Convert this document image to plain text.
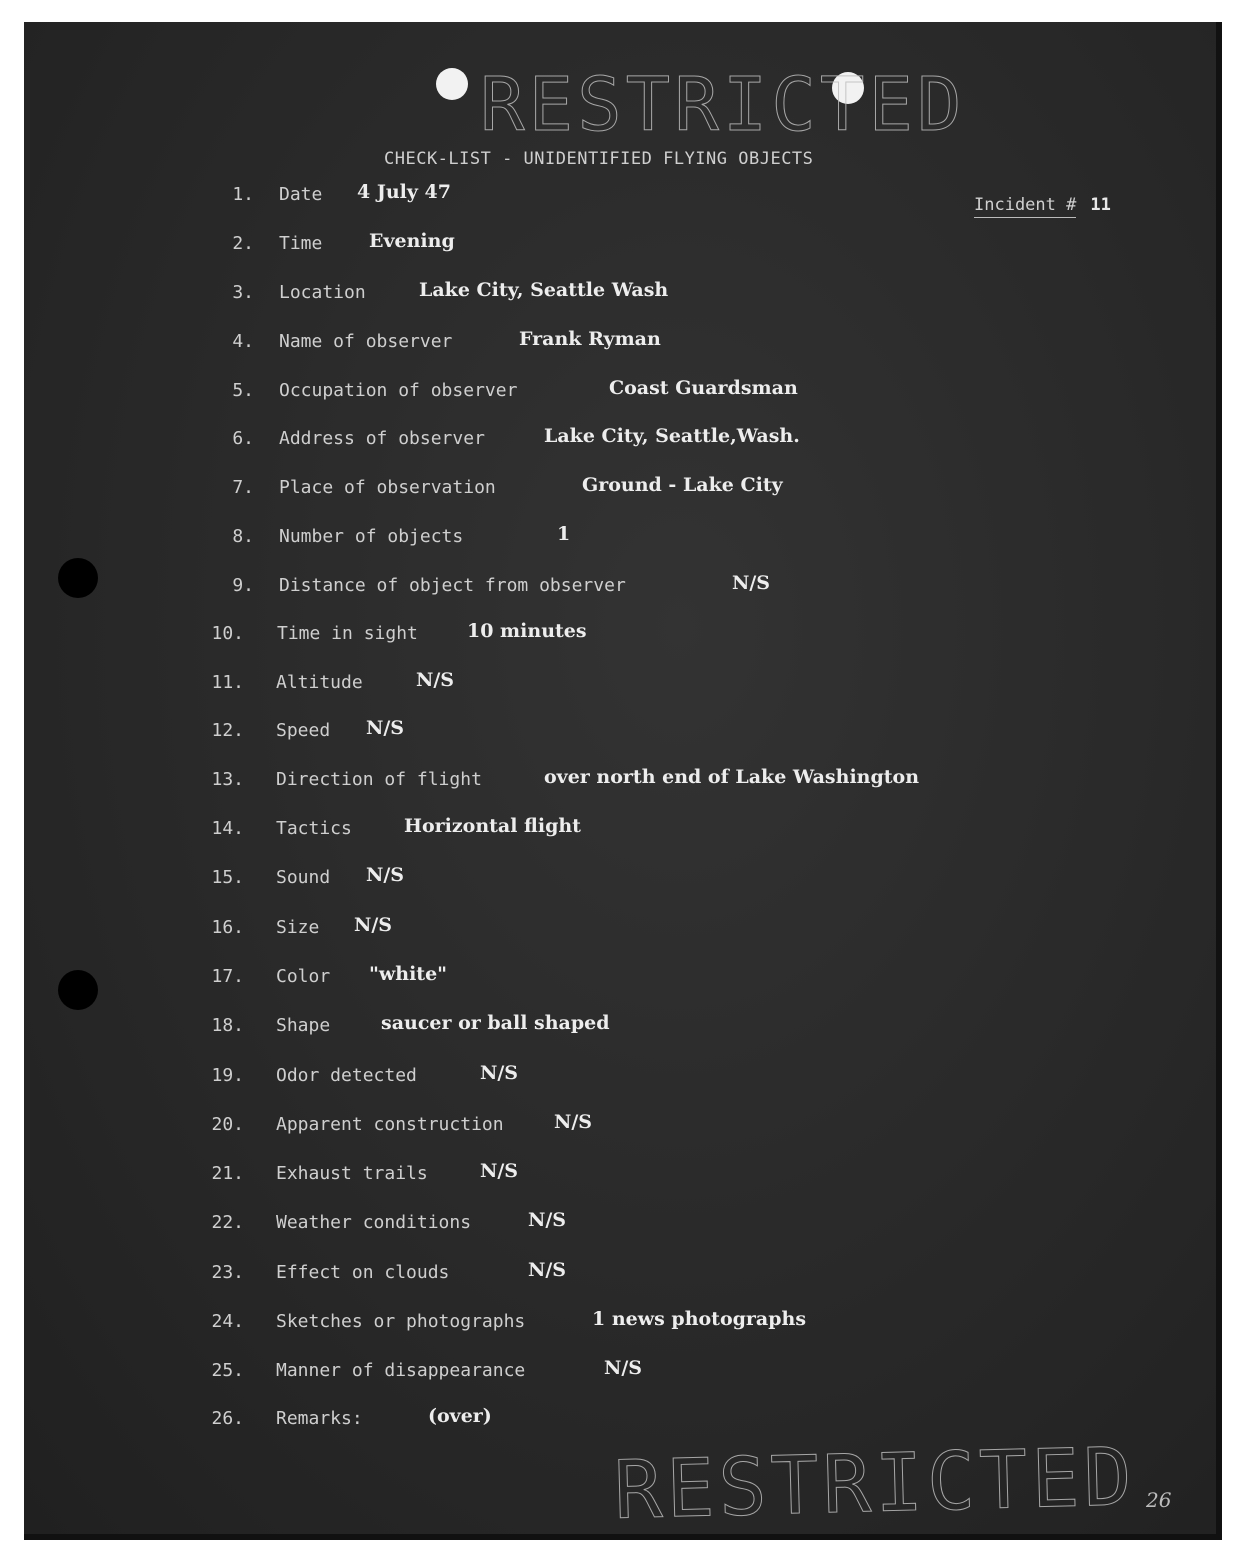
RESTRICTED
CHECK-LIST - UNIDENTIFIED FLYING OBJECTS
Incident # 11
1. Date 4 July 47
2. Time Evening
3. Location	Lake City, Seattle Wash
4. Name of observer	Frank Ryman
5. Occupation of observer	Coast Guardsman
6. Address of observer	Lake City, Seattle,Wash.
7. Place of observation	Ground - Lake City
8. Number of objects	1
9. Distance of object from observer	N/S
10. Time in sight	10 minutes
11. Altitude	N/S
12. Speed N/S
13. Direction of flight	over north end of Lake Washington
14. Tactics	Horizontal flight
15. Sound N/S
16. Size N/S
17. Color "white"
18. Shape	saucer or ball shaped
19. Odor detected	N/S
20. Apparent construction	N/S
21. Exhaust trails	N/S
22. Weather conditions	N/S
23. Effect on clouds	N/S
24. Sketches or photographs	1 news photographs
25. Manner of disappearance	N/S
26. Remarks:	(over)
RESTRICTED 26
